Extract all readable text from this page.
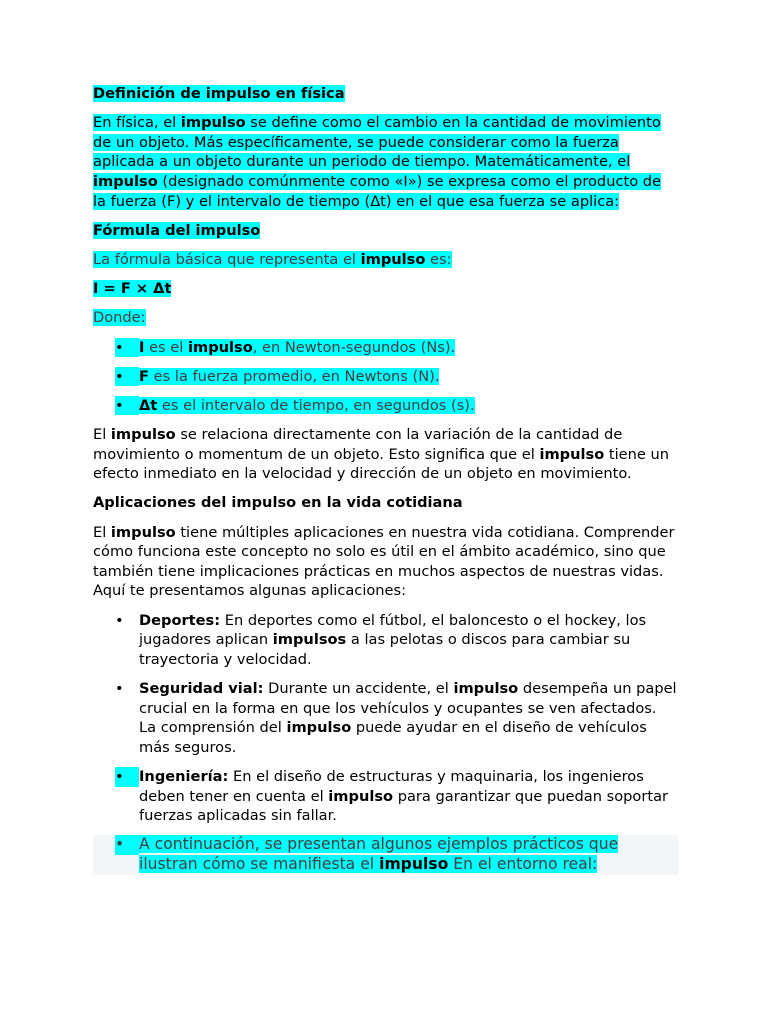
Definición de impulso en física

En física, el impulso se define como el cambio en la cantidad de movimiento de un objeto. Más específicamente, se puede considerar como la fuerza aplicada a un objeto durante un periodo de tiempo. Matemáticamente, el impulso (designado comúnmente como «I») se expresa como el producto de la fuerza (F) y el intervalo de tiempo (Δt) en el que esa fuerza se aplica:

Fórmula del impulso

La fórmula básica que representa el impulso es:

I = F × Δt

Donde:

•
I es el impulso, en Newton-segundos (Ns).
•
F es la fuerza promedio, en Newtons (N).
•
Δt es el intervalo de tiempo, en segundos (s).

El impulso se relaciona directamente con la variación de la cantidad de movimiento o momentum de un objeto. Esto significa que el impulso tiene un efecto inmediato en la velocidad y dirección de un objeto en movimiento.

Aplicaciones del impulso en la vida cotidiana

El impulso tiene múltiples aplicaciones en nuestra vida cotidiana. Comprender cómo funciona este concepto no solo es útil en el ámbito académico, sino que también tiene implicaciones prácticas en muchos aspectos de nuestras vidas. Aquí te presentamos algunas aplicaciones:

•
Deportes: En deportes como el fútbol, el baloncesto o el hockey, los jugadores aplican impulsos a las pelotas o discos para cambiar su trayectoria y velocidad.
•
Seguridad vial: Durante un accidente, el impulso desempeña un papel crucial en la forma en que los vehículos y ocupantes se ven afectados. La comprensión del impulso puede ayudar en el diseño de vehículos más seguros.
•
Ingeniería: En el diseño de estructuras y maquinaria, los ingenieros deben tener en cuenta el impulso para garantizar que puedan soportar fuerzas aplicadas sin fallar.
•
A continuación, se presentan algunos ejemplos prácticos que ilustran cómo se manifiesta el impulso En el entorno real:
